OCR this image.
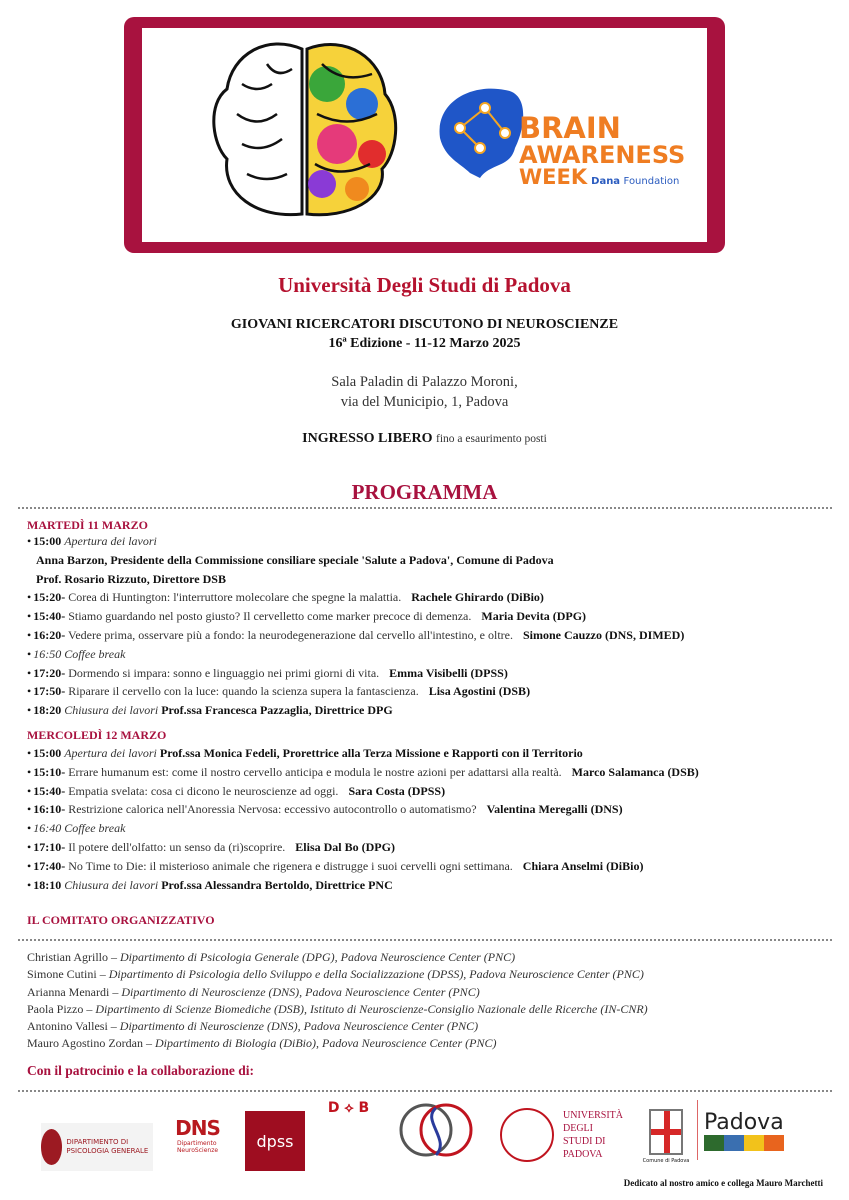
BRAIN
AWARENESS
WEEK Dana Foundation
Università Degli Studi di Padova
GIOVANI RICERCATORI DISCUTONO DI NEUROSCIENZE
16ª Edizione - 11-12 Marzo 2025
Sala Paladin di Palazzo Moroni,
via del Municipio, 1, Padova
INGRESSO LIBERO fino a esaurimento posti
PROGRAMMA
MARTEDÌ 11 MARZO
• 15:00 Apertura dei lavori
Anna Barzon, Presidente della Commissione consiliare speciale 'Salute a Padova', Comune di Padova
Prof. Rosario Rizzuto, Direttore DSB
• 15:20- Corea di Huntington: l'interruttore molecolare che spegne la malattia. Rachele Ghirardo (DiBio)
• 15:40- Stiamo guardando nel posto giusto? Il cervelletto come marker precoce di demenza. Maria Devita (DPG)
• 16:20- Vedere prima, osservare più a fondo: la neurodegenerazione dal cervello all'intestino, e oltre. Simone Cauzzo (DNS, DIMED)
• 16:50 Coffee break
• 17:20- Dormendo si impara: sonno e linguaggio nei primi giorni di vita. Emma Visibelli (DPSS)
• 17:50- Riparare il cervello con la luce: quando la scienza supera la fantascienza. Lisa Agostini (DSB)
• 18:20 Chiusura dei lavori Prof.ssa Francesca Pazzaglia, Direttrice DPG
MERCOLEDÌ 12 MARZO
• 15:00 Apertura dei lavori Prof.ssa Monica Fedeli, Prorettrice alla Terza Missione e Rapporti con il Territorio
• 15:10- Errare humanum est: come il nostro cervello anticipa e modula le nostre azioni per adattarsi alla realtà. Marco Salamanca (DSB)
• 15:40- Empatia svelata: cosa ci dicono le neuroscienze ad oggi. Sara Costa (DPSS)
• 16:10- Restrizione calorica nell'Anoressia Nervosa: eccessivo autocontrollo o automatismo? Valentina Meregalli (DNS)
• 16:40 Coffee break
• 17:10- Il potere dell'olfatto: un senso da (ri)scoprire. Elisa Dal Bo (DPG)
• 17:40- No Time to Die: il misterioso animale che rigenera e distrugge i suoi cervelli ogni settimana. Chiara Anselmi (DiBio)
• 18:10 Chiusura dei lavori Prof.ssa Alessandra Bertoldo, Direttrice PNC
IL COMITATO ORGANIZZATIVO
Christian Agrillo – Dipartimento di Psicologia Generale (DPG), Padova Neuroscience Center (PNC)
Simone Cutini – Dipartimento di Psicologia dello Sviluppo e della Socializzazione (DPSS), Padova Neuroscience Center (PNC)
Arianna Menardi – Dipartimento di Neuroscienze (DNS), Padova Neuroscience Center (PNC)
Paola Pizzo – Dipartimento di Scienze Biomediche (DSB), Istituto di Neuroscienze-Consiglio Nazionale delle Ricerche (IN-CNR)
Antonino Vallesi – Dipartimento di Neuroscienze (DNS), Padova Neuroscience Center (PNC)
Mauro Agostino Zordan – Dipartimento di Biologia (DiBio), Padova Neuroscience Center (PNC)
Con il patrocinio e la collaborazione di:
DIPARTIMENTO DI PSICOLOGIA GENERALE
DNS
Dipartimento
NeuroScienze	dpss
D ⟡ B	UNIVERSITÀ DEGLI STUDI DI PADOVA
Comune di Padova
Padova
Dedicato al nostro amico e collega Mauro Marchetti
